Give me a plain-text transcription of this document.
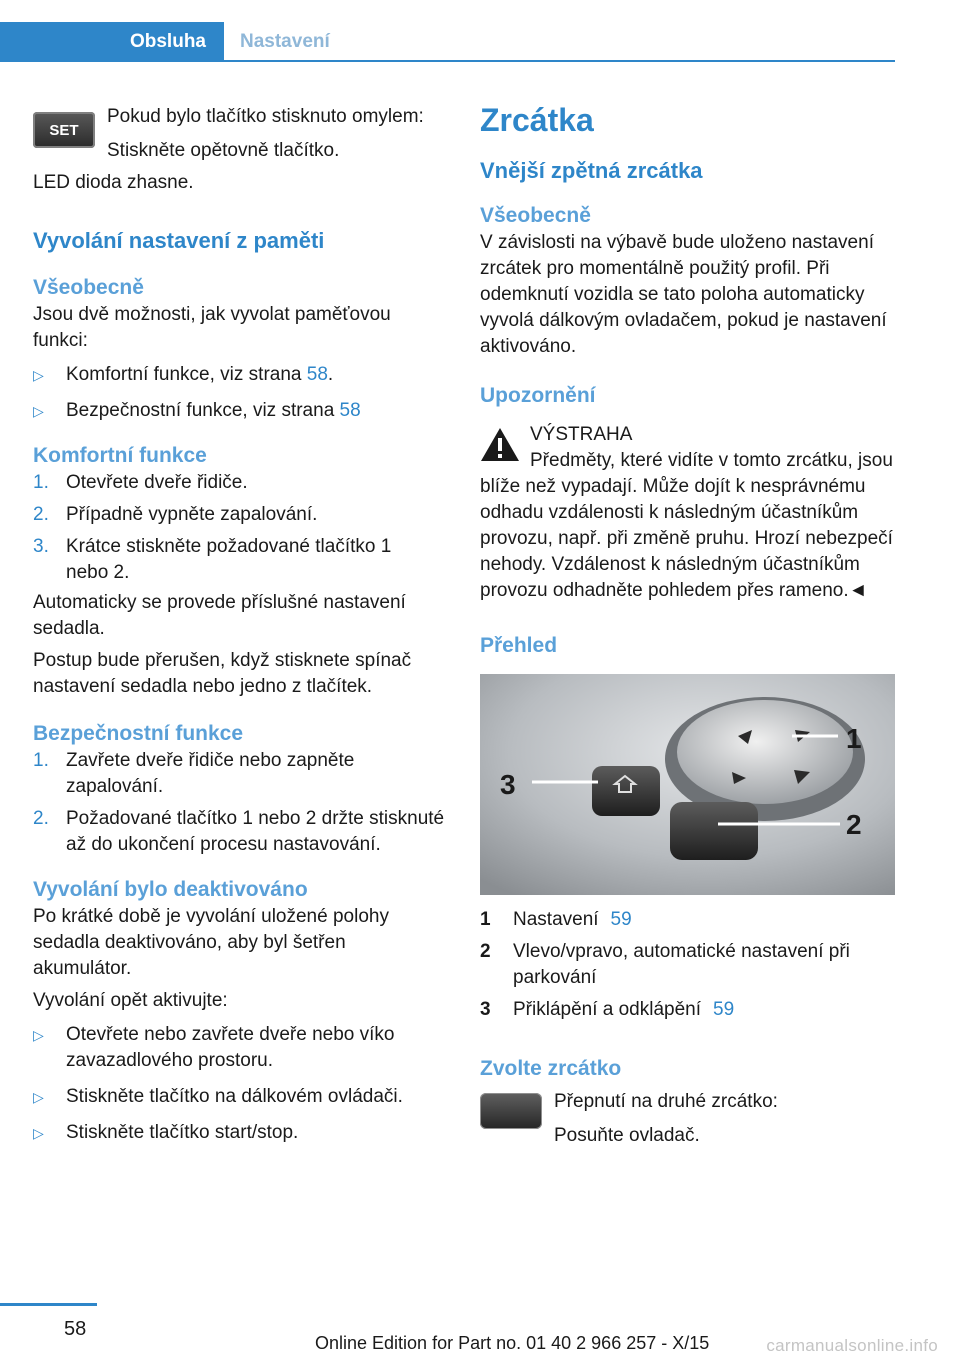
Obsluha Nastavení
SET

Pokud bylo tlačítko stisknuto omylem:

Stiskněte opětovně tlačítko.

LED dioda zhasne.

Vyvolání nastavení z paměti
Všeobecně

Jsou dvě možnosti, jak vyvolat paměťovou funkci:

▷ Komfortní funkce, viz strana 58.
▷ Bezpečnostní funkce, viz strana 58
Komfortní funkce
1. Otevřete dveře řidiče.
2. Případně vypněte zapalování.
3. Krátce stiskněte požadované tlačítko 1 nebo 2.

Automaticky se provede příslušné nastavení sedadla.

Postup bude přerušen, když stisknete spínač nastavení sedadla nebo jedno z tlačítek.

Bezpečnostní funkce
1. Zavřete dveře řidiče nebo zapněte zapalování.
2. Požadované tlačítko 1 nebo 2 držte stisknuté až do ukončení procesu nastavování.
Vyvolání bylo deaktivováno

Po krátké době je vyvolání uložené polohy sedadla deaktivováno, aby byl šetřen akumulátor.

Vyvolání opět aktivujte:

▷ Otevřete nebo zavřete dveře nebo víko zavazadlového prostoru.
▷ Stiskněte tlačítko na dálkovém ovládači.
▷ Stiskněte tlačítko start/stop.
Zrcátka
Vnější zpětná zrcátka
Všeobecně

V závislosti na výbavě bude uloženo nastavení zrcátek pro momentálně použitý profil. Při odemknutí vozidla se tato poloha automaticky vyvolá dálkovým ovladačem, pokud je nastavení aktivováno.

Upozornění

VÝSTRAHA

Předměty, které vidíte v tomto zrcátku, jsou blíže než vypadají. Může dojít k nesprávnému odhadu vzdálenosti k následným účastníkům provozu, např. při změně pruhu. Hrozí nebezpečí nehody. Vzdálenost k následným účastníkům provozu odhadněte pohledem přes rameno.◄

Přehled
1
2
3
1 Nastavení 59
2 Vlevo/vpravo, automatické nastavení při parkování
3 Přiklápění a odklápění 59
Zvolte zrcátko

Přepnutí na druhé zrcátko:

Posuňte ovladač.

58
Online Edition for Part no. 01 40 2 966 257 - X/15	carmanualsonline.info
